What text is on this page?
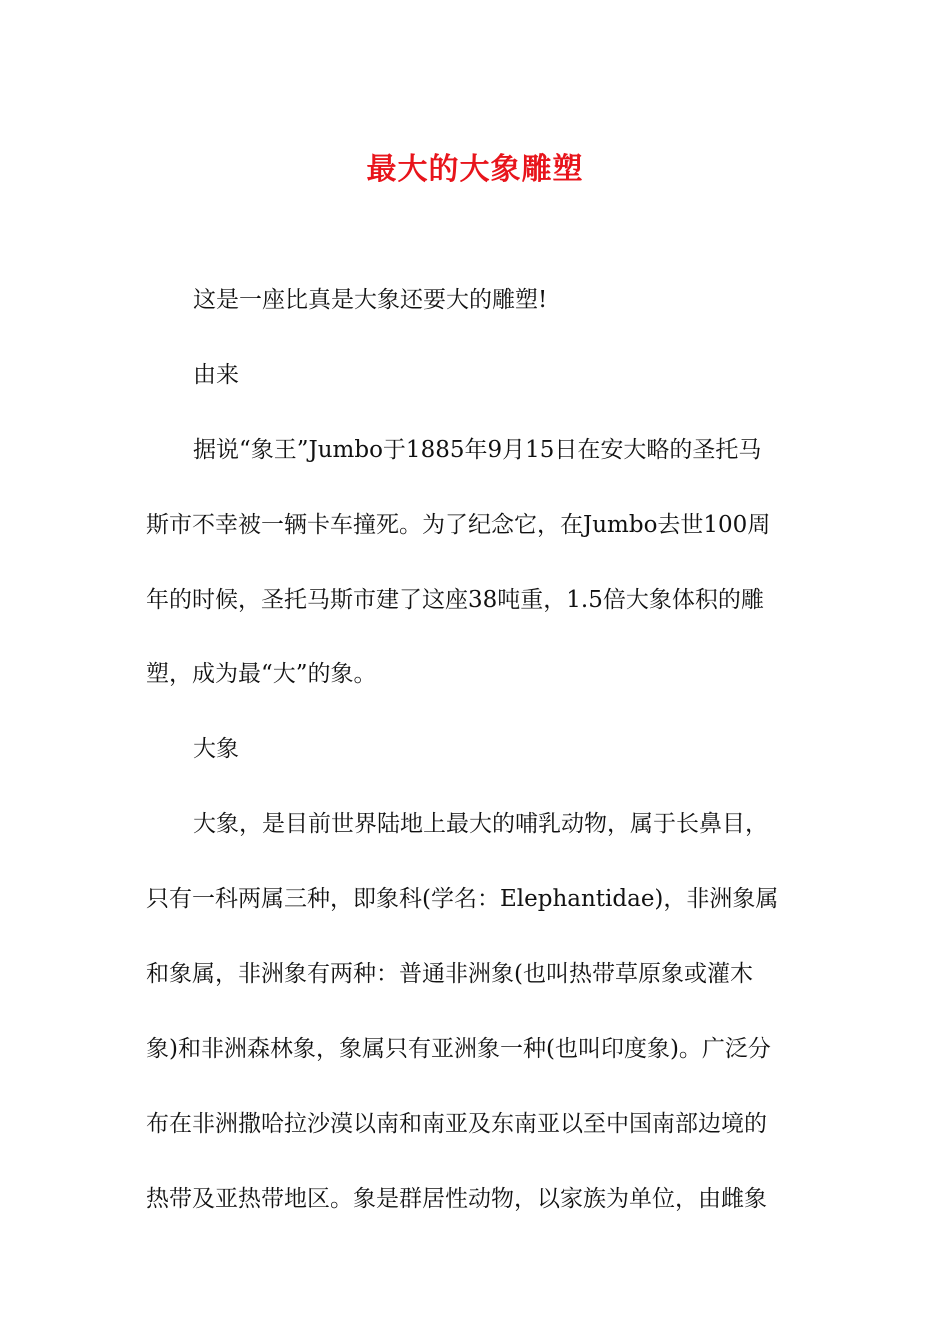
最大的大象雕塑

这是一座比真是大象还要大的雕塑!

由来

据说“象王”Jumbo于1885年9月15日在安大略的圣托马
斯市不幸被一辆卡车撞死。为了纪念它，在Jumbo去世100周
年的时候，圣托马斯市建了这座38吨重，1.5倍大象体积的雕
塑，成为最“大”的象。

大象

大象，是目前世界陆地上最大的哺乳动物，属于长鼻目，
只有一科两属三种，即象科(学名：Elephantidae)，非洲象属
和象属，非洲象有两种：普通非洲象(也叫热带草原象或灌木
象)和非洲森林象，象属只有亚洲象一种(也叫印度象)。广泛分
布在非洲撒哈拉沙漠以南和南亚及东南亚以至中国南部边境的
热带及亚热带地区。象是群居性动物，以家族为单位，由雌象
